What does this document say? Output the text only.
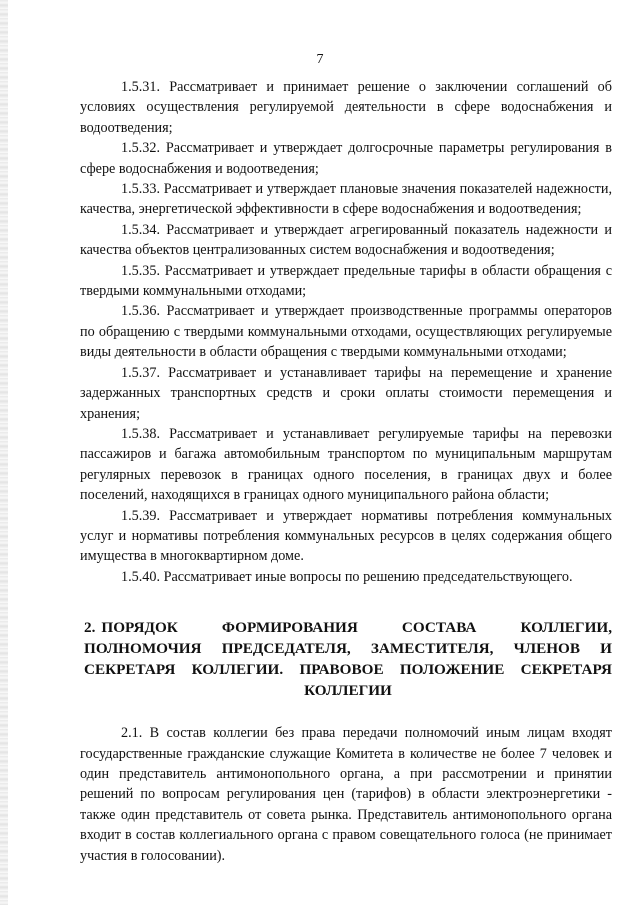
7

1.5.31. Рассматривает и принимает решение о заключении соглашений об условиях осуществления регулируемой деятельности в сфере водоснабжения и водоотведения;

1.5.32. Рассматривает и утверждает долгосрочные параметры регулирования в сфере водоснабжения и водоотведения;

1.5.33. Рассматривает и утверждает плановые значения показателей надежности, качества, энергетической эффективности в сфере водоснабжения и водоотведения;

1.5.34. Рассматривает и утверждает агрегированный показатель надежности и качества объектов централизованных систем водоснабжения и водоотведения;

1.5.35. Рассматривает и утверждает предельные тарифы в области обращения с твердыми коммунальными отходами;

1.5.36. Рассматривает и утверждает производственные программы операторов по обращению с твердыми коммунальными отходами, осуществляющих регулируемые виды деятельности в области обращения с твердыми коммунальными отходами;

1.5.37. Рассматривает и устанавливает тарифы на перемещение и хранение задержанных транспортных средств и сроки оплаты стоимости перемещения и хранения;

1.5.38. Рассматривает и устанавливает регулируемые тарифы на перевозки пассажиров и багажа автомобильным транспортом по муниципальным маршрутам регулярных перевозок в границах одного поселения, в границах двух и более поселений, находящихся в границах одного муниципального района области;

1.5.39. Рассматривает и утверждает нормативы потребления коммунальных услуг и нормативы потребления коммунальных ресурсов в целях содержания общего имущества в многоквартирном доме.

1.5.40. Рассматривает иные вопросы по решению председательствующего.

2. ПОРЯДОК ФОРМИРОВАНИЯ СОСТАВА КОЛЛЕГИИ, ПОЛНОМОЧИЯ ПРЕДСЕДАТЕЛЯ, ЗАМЕСТИТЕЛЯ, ЧЛЕНОВ И СЕКРЕТАРЯ КОЛЛЕГИИ. ПРАВОВОЕ ПОЛОЖЕНИЕ СЕКРЕТАРЯ КОЛЛЕГИИ

2.1. В состав коллегии без права передачи полномочий иным лицам входят государственные гражданские служащие Комитета в количестве не более 7 человек и один представитель антимонопольного органа, а при рассмотрении и принятии решений по вопросам регулирования цен (тарифов) в области электроэнергетики - также один представитель от совета рынка. Представитель антимонопольного органа входит в состав коллегиального органа с правом совещательного голоса (не принимает участия в голосовании).
